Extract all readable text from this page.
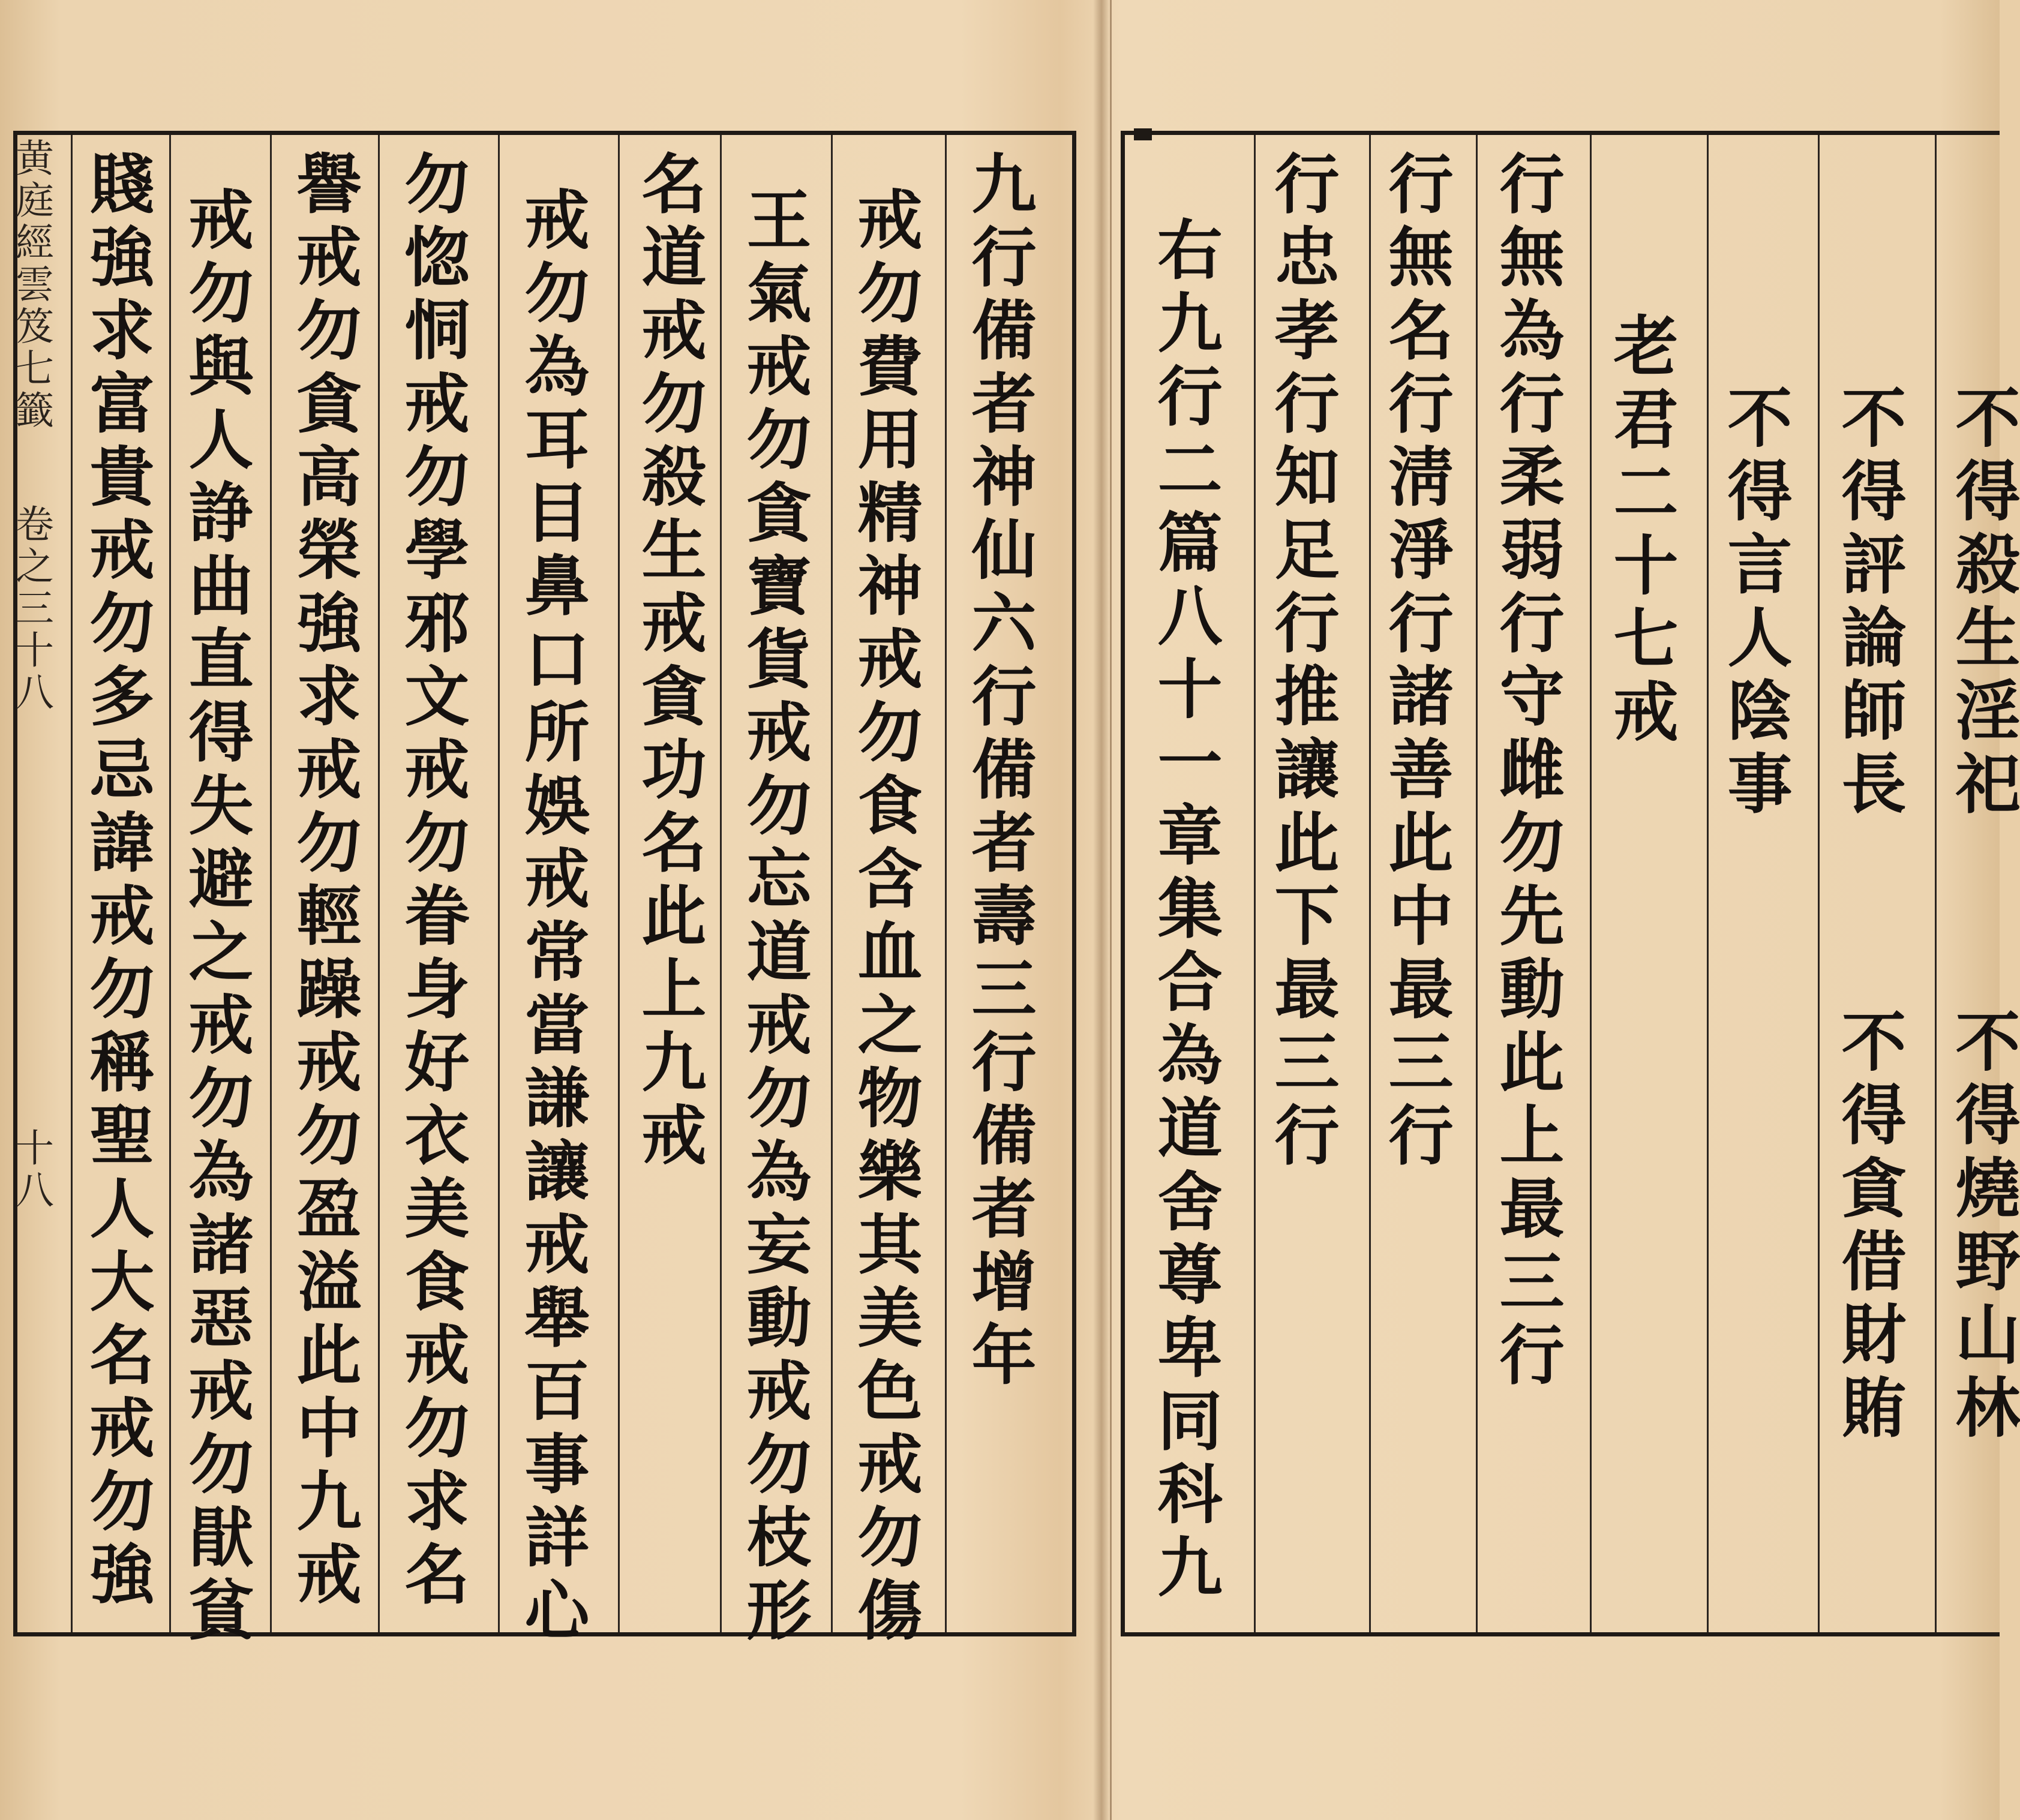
黄庭經雲笈七籤
卷之三十八
十八	九行備者神仙六行備者壽三行備者增年
戒勿費用精神戒勿食含血之物樂其美色戒勿傷
王氣戒勿貪寶貨戒勿忘道戒勿為妄動戒勿枝形
名道戒勿殺生戒貪功名此上九戒
戒勿為耳目鼻口所娛戒常當謙讓戒舉百事詳心
勿惚恫戒勿學邪文戒勿眷身好衣美食戒勿求名
譽戒勿貪高榮強求戒勿輕躁戒勿盈溢此中九戒
戒勿與人諍曲直得失避之戒勿為諸惡戒勿猒貧
賤強求富貴戒勿多忌諱戒勿稱聖人大名戒勿強	右九行二篇八十一章集合為道舍尊卑同科九 行忠孝行知足行推讓此下最三行 行無名行淸淨行諸善此中最三行 行無為行柔弱行守雌勿先動此上最三行 老君二十七戒 不得言人陰事 不得評論師長
不得貪借財賄
不得殺生淫祀
不得燒野山林
